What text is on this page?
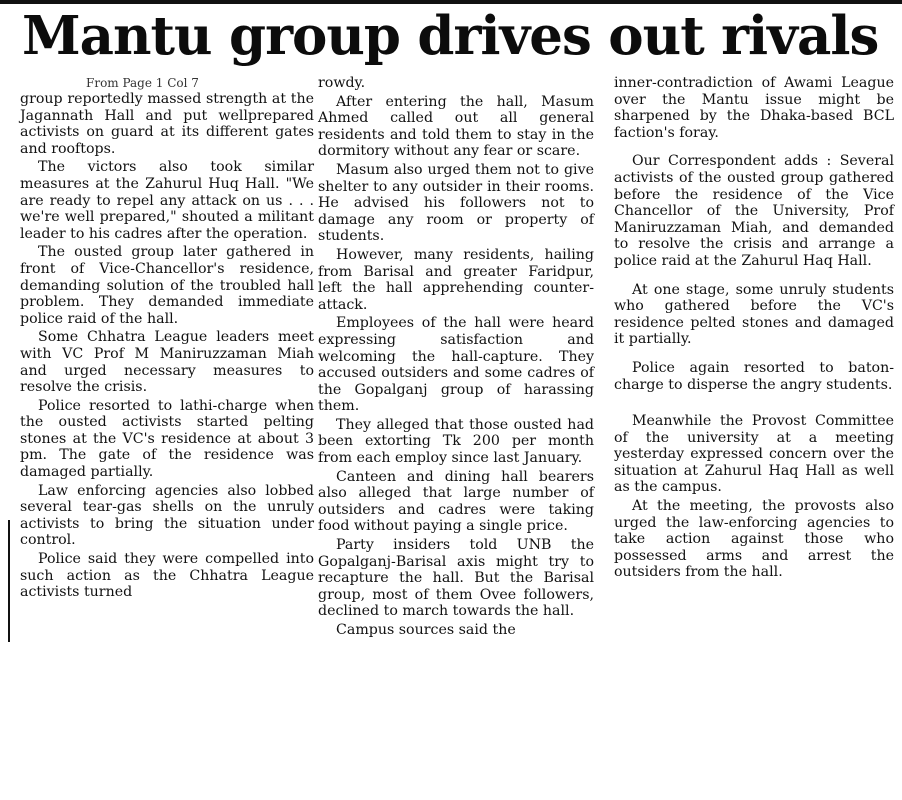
Mantu group drives out rivals
From Page 1 Col 7

group reportedly massed strength at the Jagannath Hall and put wellprepared activists on guard at its different gates and rooftops.

The victors also took similar measures at the Zahurul Huq Hall. "We are ready to repel any attack on us . . . we're well prepared," shouted a militant leader to his cadres after the operation.

The ousted group later gathered in front of Vice-Chancellor's residence, demanding solution of the troubled hall problem. They demanded immediate police raid of the hall.

Some Chhatra League leaders meet with VC Prof M Maniruzzaman Miah and urged necessary measures to resolve the crisis.

Police resorted to lathi-charge when the ousted activists started pelting stones at the VC's residence at about 3 pm. The gate of the residence was damaged partially.

Law enforcing agencies also lobbed several tear-gas shells on the unruly activists to bring the situation under control.

Police said they were compelled into such action as the Chhatra League activists turned

rowdy.

After entering the hall, Masum Ahmed called out all general residents and told them to stay in the dormitory without any fear or scare.

Masum also urged them not to give shelter to any outsider in their rooms. He advised his followers not to damage any room or property of students.

However, many residents, hailing from Barisal and greater Faridpur, left the hall apprehending counter-attack.

Employees of the hall were heard expressing satisfaction and welcoming the hall-capture. They accused outsiders and some cadres of the Gopalganj group of harassing them.

They alleged that those ousted had been extorting Tk 200 per month from each employ since last January.

Canteen and dining hall bearers also alleged that large number of outsiders and cadres were taking food without paying a single price.

Party insiders told UNB the Gopalganj-Barisal axis might try to recapture the hall. But the Barisal group, most of them Ovee followers, declined to march towards the hall.

Campus sources said the

inner-contradiction of Awami League over the Mantu issue might be sharpened by the Dhaka-based BCL faction's foray.

Our Correspondent adds : Several activists of the ousted group gathered before the residence of the Vice Chancellor of the University, Prof Maniruzzaman Miah, and demanded to resolve the crisis and arrange a police raid at the Zahurul Haq Hall.

At one stage, some unruly students who gathered before the VC's residence pelted stones and damaged it partially.

Police again resorted to baton-charge to disperse the angry students.

Meanwhile the Provost Committee of the university at a meeting yesterday expressed concern over the situation at Zahurul Haq Hall as well as the campus.

At the meeting, the provosts also urged the law-enforcing agencies to take action against those who possessed arms and arrest the outsiders from the hall.
